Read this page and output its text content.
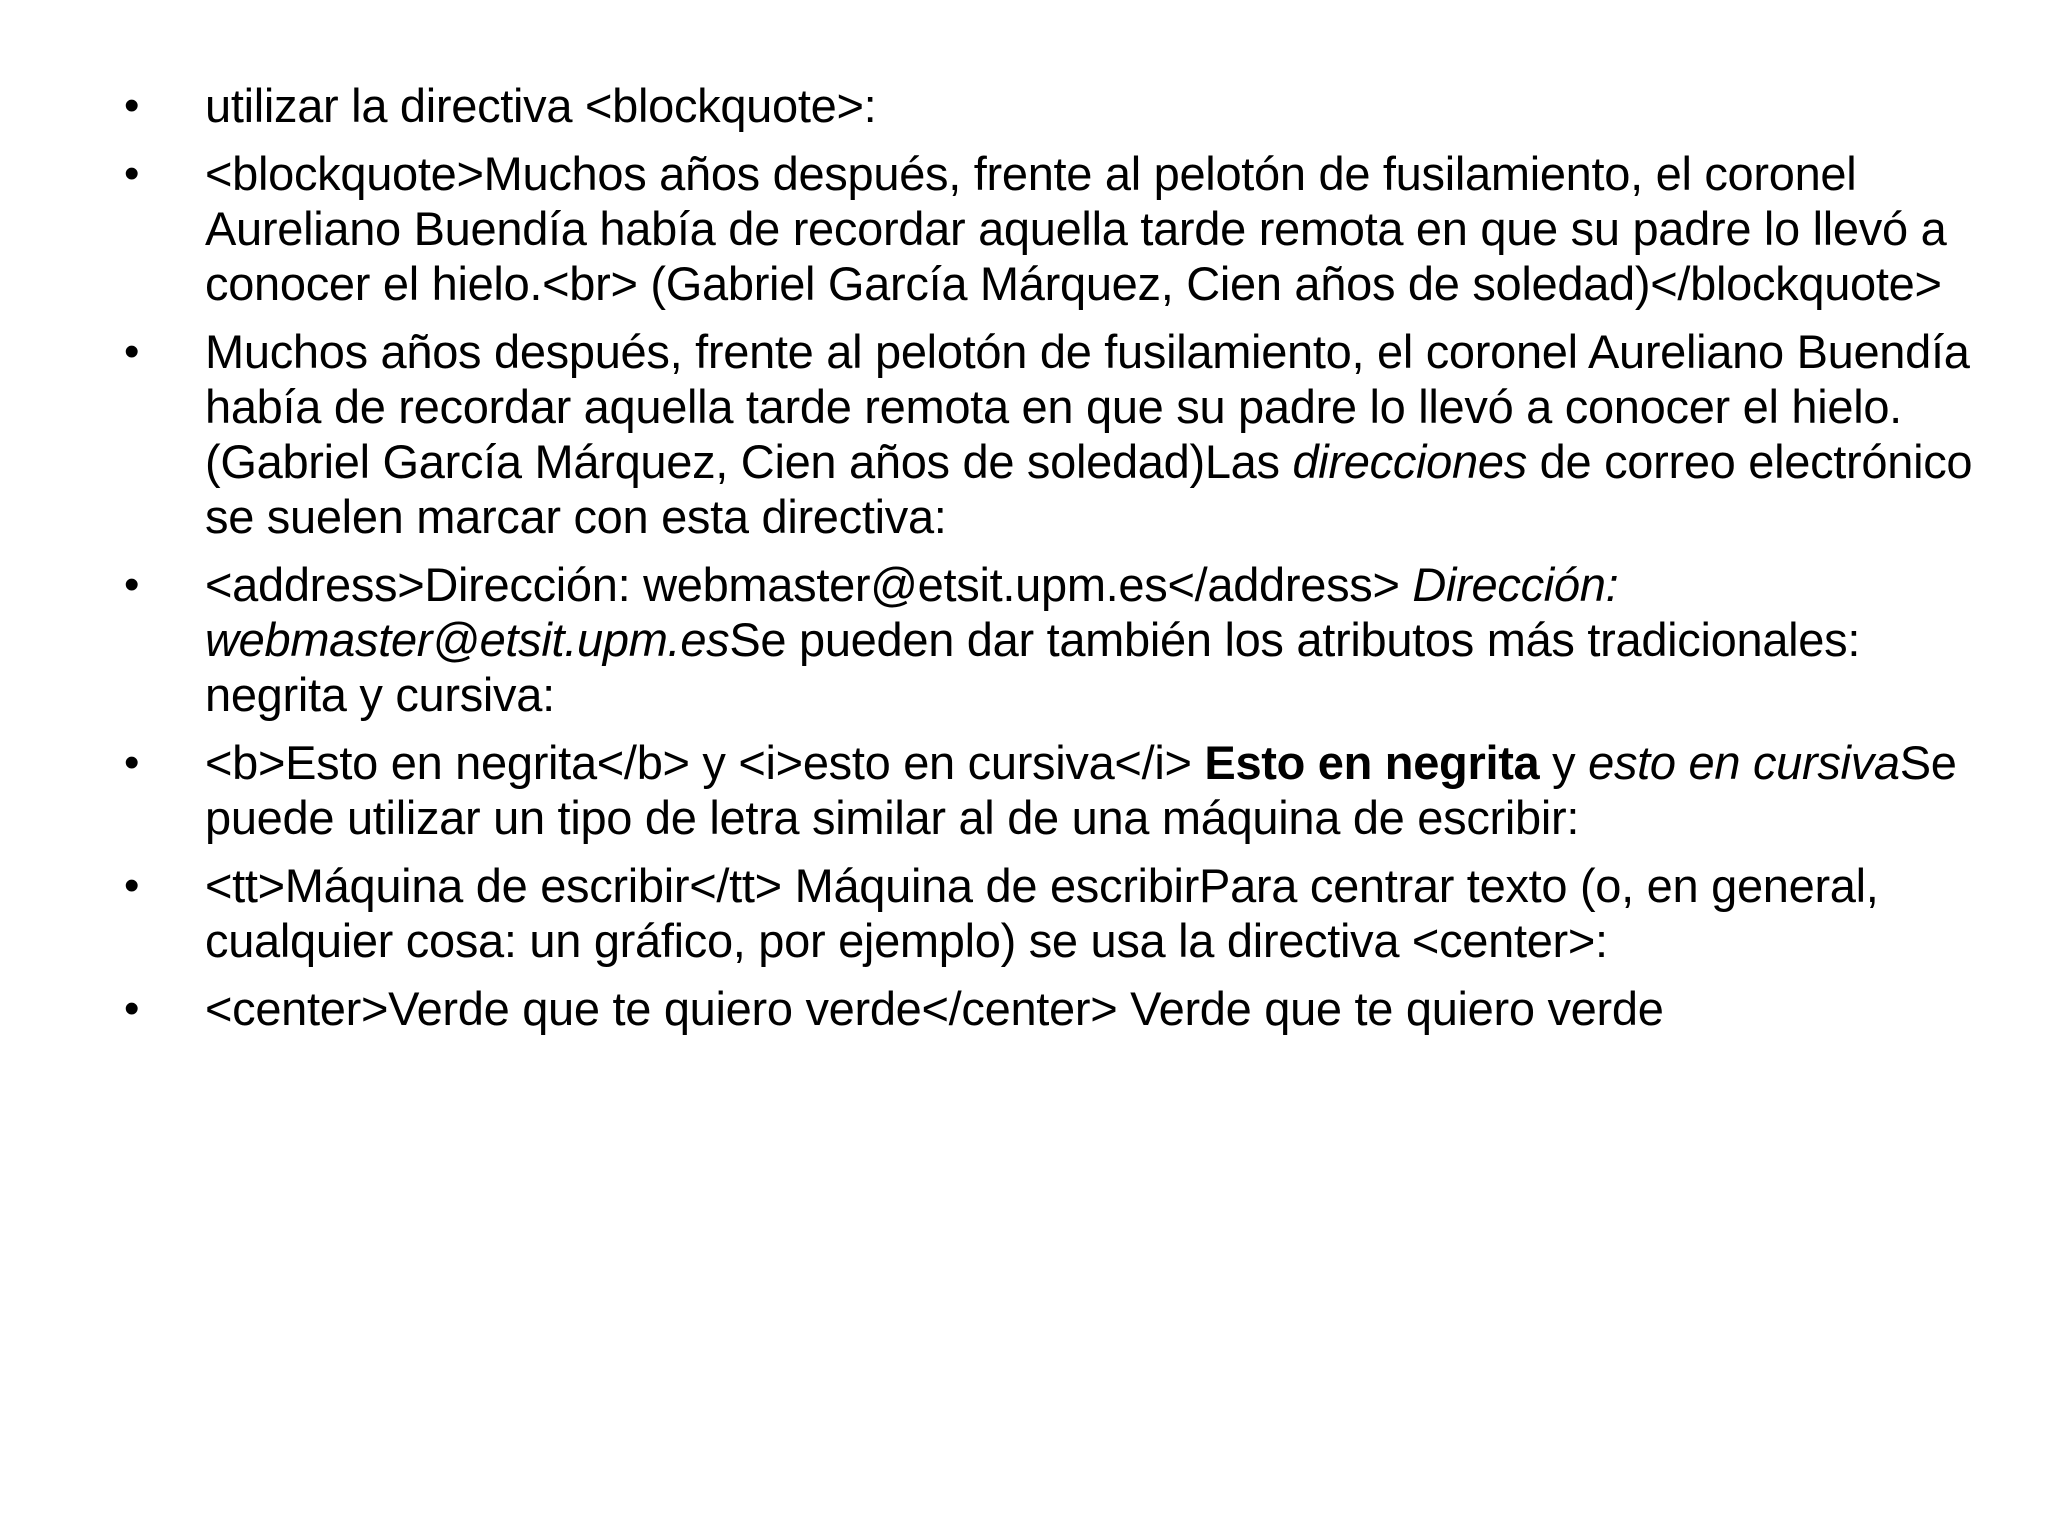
• utilizar la directiva <blockquote>:
• <blockquote>Muchos años después, frente al pelotón de fusilamiento, el coronel Aureliano Buendía había de recordar aquella tarde remota en que su padre lo llevó a conocer el hielo.<br> (Gabriel García Márquez, Cien años de soledad)</blockquote>
• Muchos años después, frente al pelotón de fusilamiento, el coronel Aureliano Buendía había de recordar aquella tarde remota en que su padre lo llevó a conocer el hielo.
(Gabriel García Márquez, Cien años de soledad)Las direcciones de correo electrónico se suelen marcar con esta directiva:
• <address>Dirección: webmaster@etsit.upm.es</address> Dirección: webmaster@etsit.upm.esSe pueden dar también los atributos más tradicionales: negrita y cursiva:
• <b>Esto en negrita</b> y <i>esto en cursiva</i> Esto en negrita y esto en cursivaSe puede utilizar un tipo de letra similar al de una máquina de escribir:
• <tt>Máquina de escribir</tt> Máquina de escribirPara centrar texto (o, en general, cualquier cosa: un gráfico, por ejemplo) se usa la directiva <center>:
• <center>Verde que te quiero verde</center> Verde que te quiero verde
